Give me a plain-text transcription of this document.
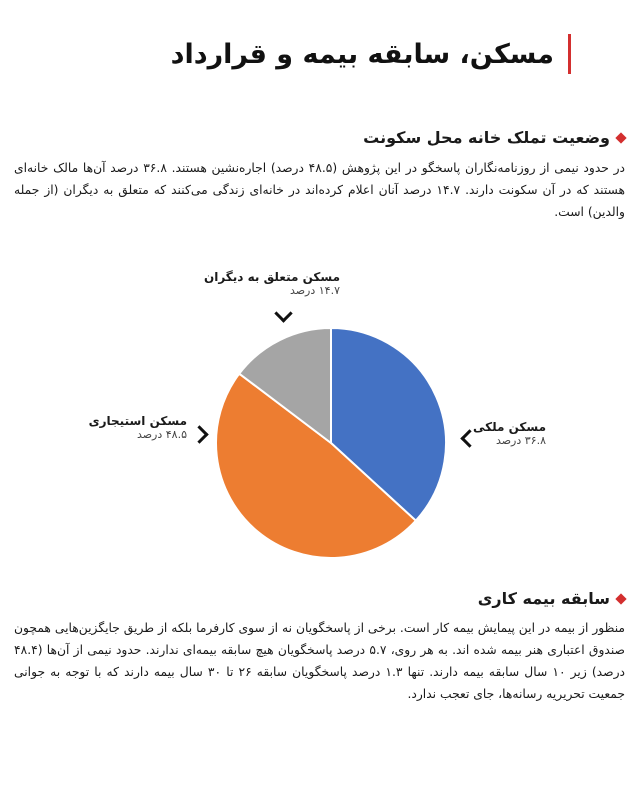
مسکن، سابقه بیمه و قرارداد
وضعیت تملک خانه محل سکونت

در حدود نیمی از روزنامه‌نگاران پاسخگو در این پژوهش (۴۸.۵ درصد) اجاره‌نشین هستند. ۳۶.۸ درصد آن‌ها مالک خانه‌ای هستند که در آن سکونت دارند. ۱۴.۷ درصد آنان اعلام کرده‌اند در خانه‌ای زندگی می‌کنند که متعلق به دیگران (از جمله والدین) است.

مسکن متعلق به دیگران
۱۴.۷ درصد
مسکن استیجاری
۴۸.۵ درصد
مسکن ملکی
۳۶.۸ درصد
سابقه بیمه کاری

منظور از بیمه در این پیمایش بیمه کار است. برخی از پاسخگویان نه از سوی کارفرما بلکه از طریق جایگزین‌هایی همچون صندوق اعتباری هنر بیمه شده اند. به هر روی، ۵.۷ درصد پاسخگویان هیچ سابقه بیمه‌ای ندارند. حدود نیمی از آن‌ها (۴۸.۴ درصد) زیر ۱۰ سال سابقه بیمه دارند. تنها ۱.۳ درصد پاسخگویان سابقه ۲۶ تا ۳۰ سال بیمه دارند که با توجه به جوانی جمعیت تحریریه رسانه‌ها، جای تعجب ندارد.
